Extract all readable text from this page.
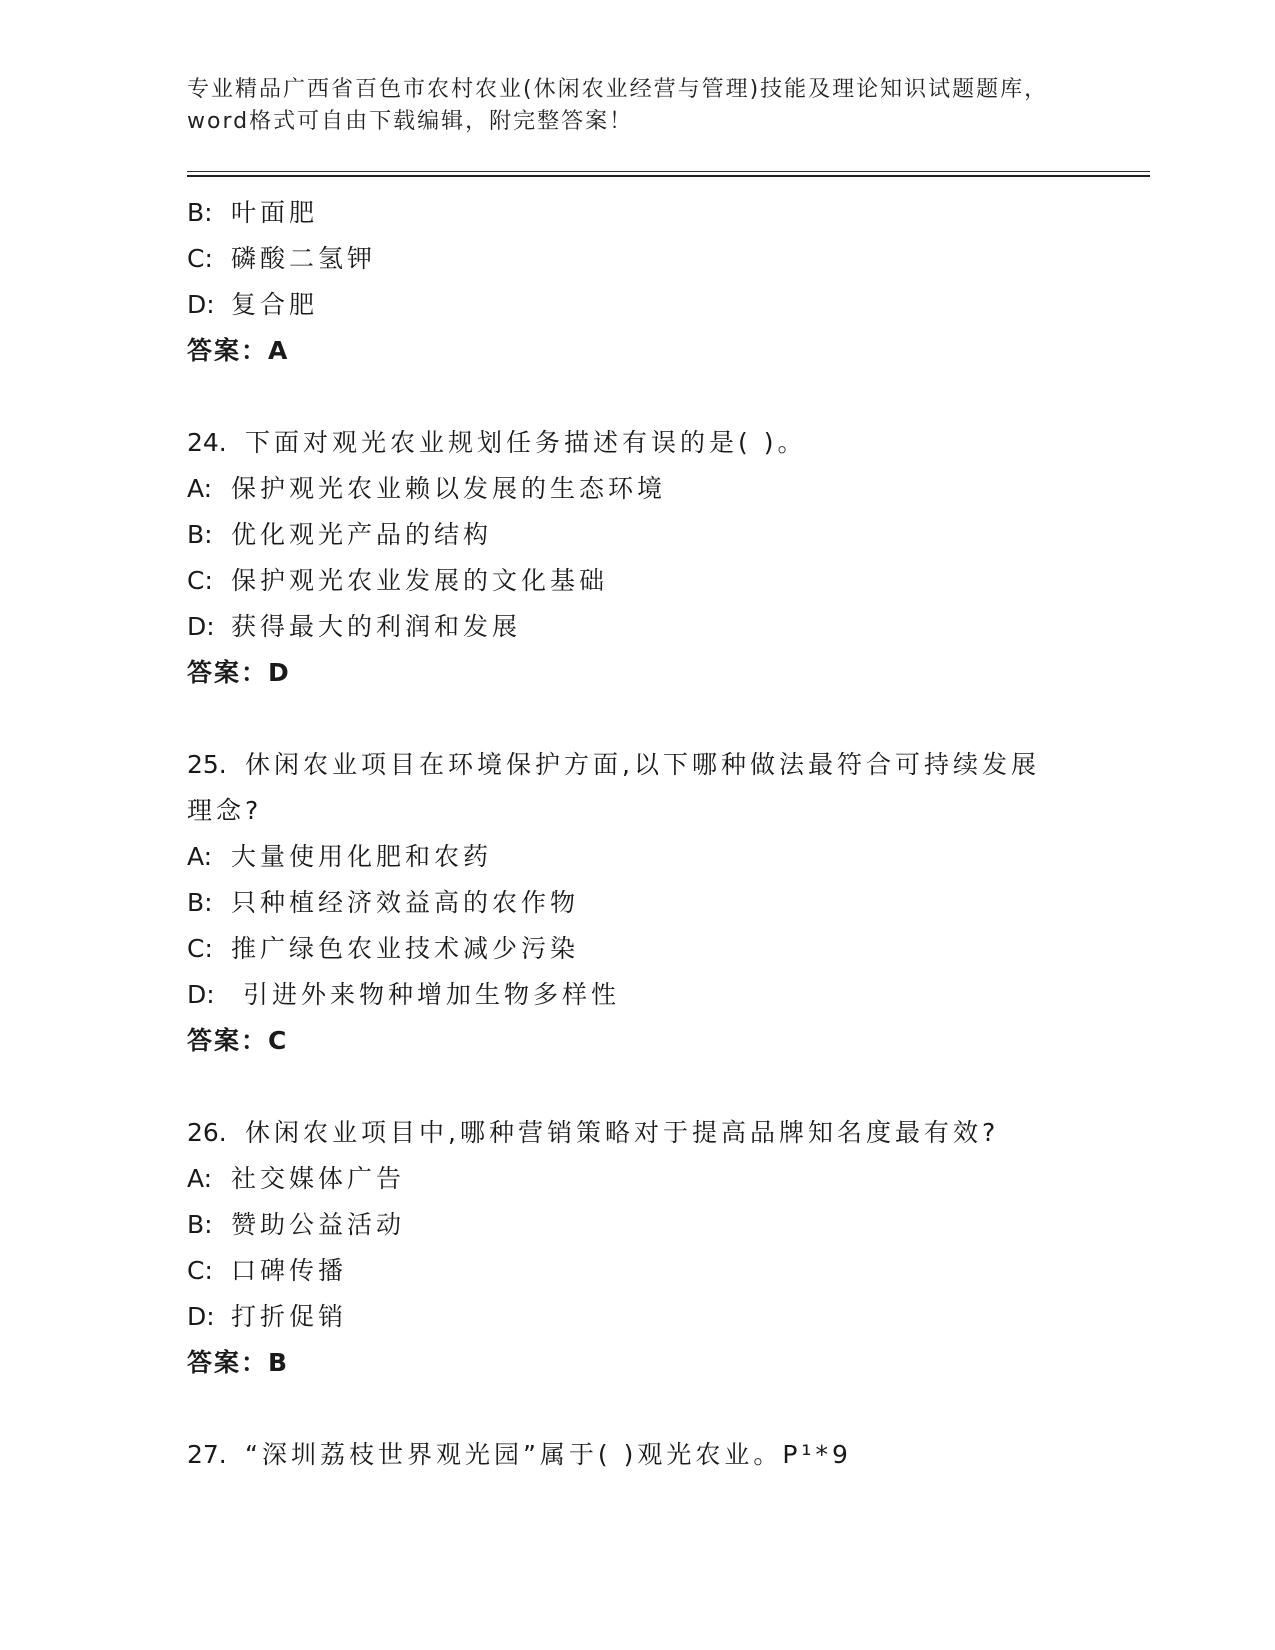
专业精品广西省百色市农村农业(休闲农业经营与管理)技能及理论知识试题题库，
word格式可自由下载编辑，附完整答案！
B: 叶面肥
C: 磷酸二氢钾
D: 复合肥
答案：A
24. 下面对观光农业规划任务描述有误的是( )。
A: 保护观光农业赖以发展的生态环境
B: 优化观光产品的结构
C: 保护观光农业发展的文化基础
D: 获得最大的利润和发展
答案：D
25. 休闲农业项目在环境保护方面,以下哪种做法最符合可持续发展理念?
A: 大量使用化肥和农药
B: 只种植经济效益高的农作物
C: 推广绿色农业技术减少污染
D: 引进外来物种增加生物多样性
答案：C
26. 休闲农业项目中,哪种营销策略对于提高品牌知名度最有效?
A: 社交媒体广告
B: 赞助公益活动
C: 口碑传播
D: 打折促销
答案：B
27. “深圳荔枝世界观光园”属于( )观光农业。P¹*9
